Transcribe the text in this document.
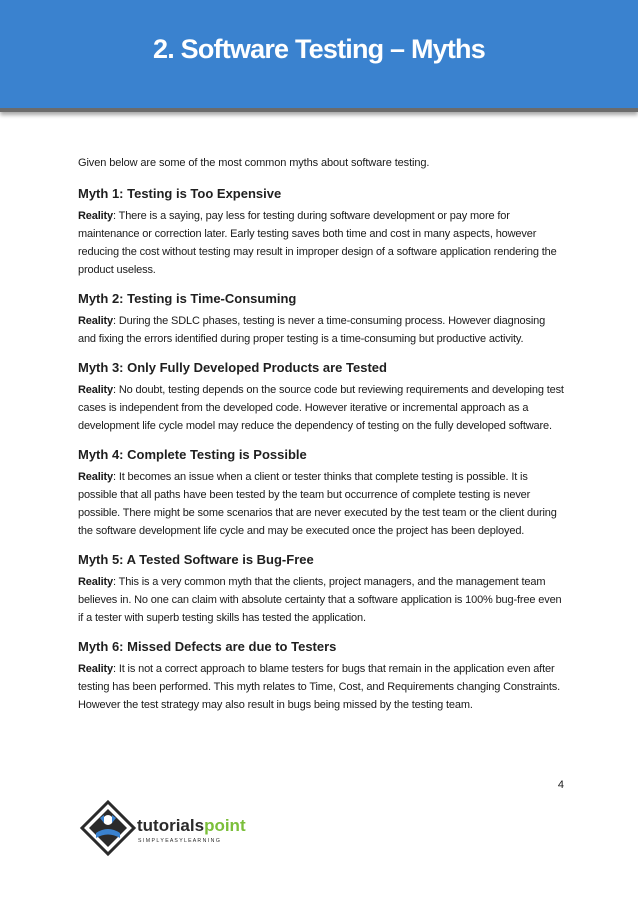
2. Software Testing – Myths

Given below are some of the most common myths about software testing.

Myth 1: Testing is Too Expensive

Reality: There is a saying, pay less for testing during software development or pay more for maintenance or correction later. Early testing saves both time and cost in many aspects, however reducing the cost without testing may result in improper design of a software application rendering the product useless.

Myth 2: Testing is Time-Consuming

Reality: During the SDLC phases, testing is never a time-consuming process. However diagnosing and fixing the errors identified during proper testing is a time-consuming but productive activity.

Myth 3: Only Fully Developed Products are Tested

Reality: No doubt, testing depends on the source code but reviewing requirements and developing test cases is independent from the developed code. However iterative or incremental approach as a development life cycle model may reduce the dependency of testing on the fully developed software.

Myth 4: Complete Testing is Possible

Reality: It becomes an issue when a client or tester thinks that complete testing is possible. It is possible that all paths have been tested by the team but occurrence of complete testing is never possible. There might be some scenarios that are never executed by the test team or the client during the software development life cycle and may be executed once the project has been deployed.

Myth 5: A Tested Software is Bug-Free

Reality: This is a very common myth that the clients, project managers, and the management team believes in. No one can claim with absolute certainty that a software application is 100% bug-free even if a tester with superb testing skills has tested the application.

Myth 6: Missed Defects are due to Testers

Reality: It is not a correct approach to blame testers for bugs that remain in the application even after testing has been performed. This myth relates to Time, Cost, and Requirements changing Constraints. However the test strategy may also result in bugs being missed by the testing team.

4
tutorialspoint
S I M P L Y E A S Y L E A R N I N G
